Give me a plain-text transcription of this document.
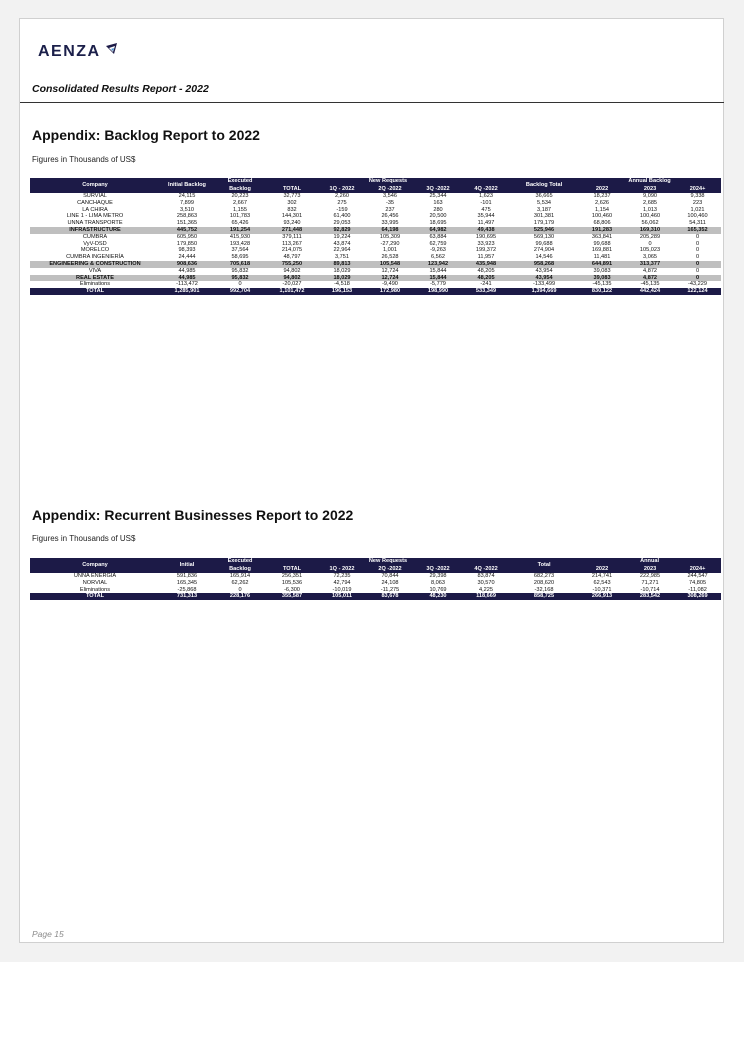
AENZA
Consolidated Results Report - 2022
Appendix: Backlog Report to 2022
Figures in Thousands of US$
Company	Initial Backlog	Executed	New Requests					Backlog Total	Annual Backlog		
		Backlog	TOTAL	1Q - 2022	2Q -2022	3Q -2022	4Q -2022		2022	2023	2024+
SURVIAL	24,115	20,223	32,773	2,260	3,546	25,344	1,623	36,665	18,237	9,090	9,338
CANCHAQUE	7,899	2,667	302	275	-35	163	-101	5,534	2,626	2,685	223
LA CHIRA	3,510	1,155	832	-159	237	280	475	3,187	1,154	1,013	1,021
LINE 1 - LIMA METRO	258,863	101,783	144,301	61,400	26,456	20,500	35,944	301,381	100,460	100,460	100,460
UNNA TRANSPORTE	151,365	65,426	93,240	29,053	33,995	18,695	11,497	179,179	68,806	56,062	54,311
INFRASTRUCTURE	445,752	191,254	271,448	92,829	64,198	64,982	49,438	525,946	191,283	169,310	165,352
CUMBRA	605,950	415,930	379,111	19,224	105,309	63,884	190,695	569,130	363,841	205,289	0
VyV-DSD	179,850	193,428	113,267	43,874	-27,290	62,759	33,923	99,688	99,688	0	0
MORELCO	98,393	37,564	214,075	22,964	1,001	-9,263	199,372	274,904	169,881	105,023	0
CUMBRA INGENIERÍA	24,444	58,695	48,797	3,751	26,528	6,562	11,957	14,546	11,481	3,065	0
ENGINEERING & CONSTRUCTION	908,636	705,618	755,250	89,813	105,548	123,942	435,948	958,268	644,891	313,377	0
VIVA	44,985	95,832	94,802	18,029	12,724	15,844	48,205	43,954	39,083	4,872	0
REAL ESTATE	44,985	95,832	94,802	18,029	12,724	15,844	48,205	43,954	39,083	4,872	0
Eliminations	-113,472	0	-20,027	-4,518	-9,490	-5,779	-241	-133,499	-45,135	-45,135	-43,229
TOTAL	1,285,901	992,704	1,101,472	196,153	172,980	198,990	533,349	1,394,669	830,122	442,424	122,124
Appendix: Recurrent Businesses Report to 2022
Figures in Thousands of US$
Company	Initial	Executed	New Requests					Total	Annual		
		Backlog	TOTAL	1Q - 2022	2Q -2022	3Q -2022	4Q -2022		2022	2023	2024+
UNNA ENERGIA	591,836	165,914	256,351	72,235	70,844	29,398	83,874	682,273	214,741	222,985	244,547
NORVIAL	165,345	62,262	105,536	42,794	24,108	8,063	30,570	208,620	62,543	71,271	74,805
Eliminations	-25,868	0	-6,300	-10,019	-11,275	10,769	4,225	-32,168	-10,371	-10,714	-11,082
TOTAL	731,313	228,176	355,587	105,011	83,678	48,230	118,669	858,725	266,913	283,542	308,269
Page 15
